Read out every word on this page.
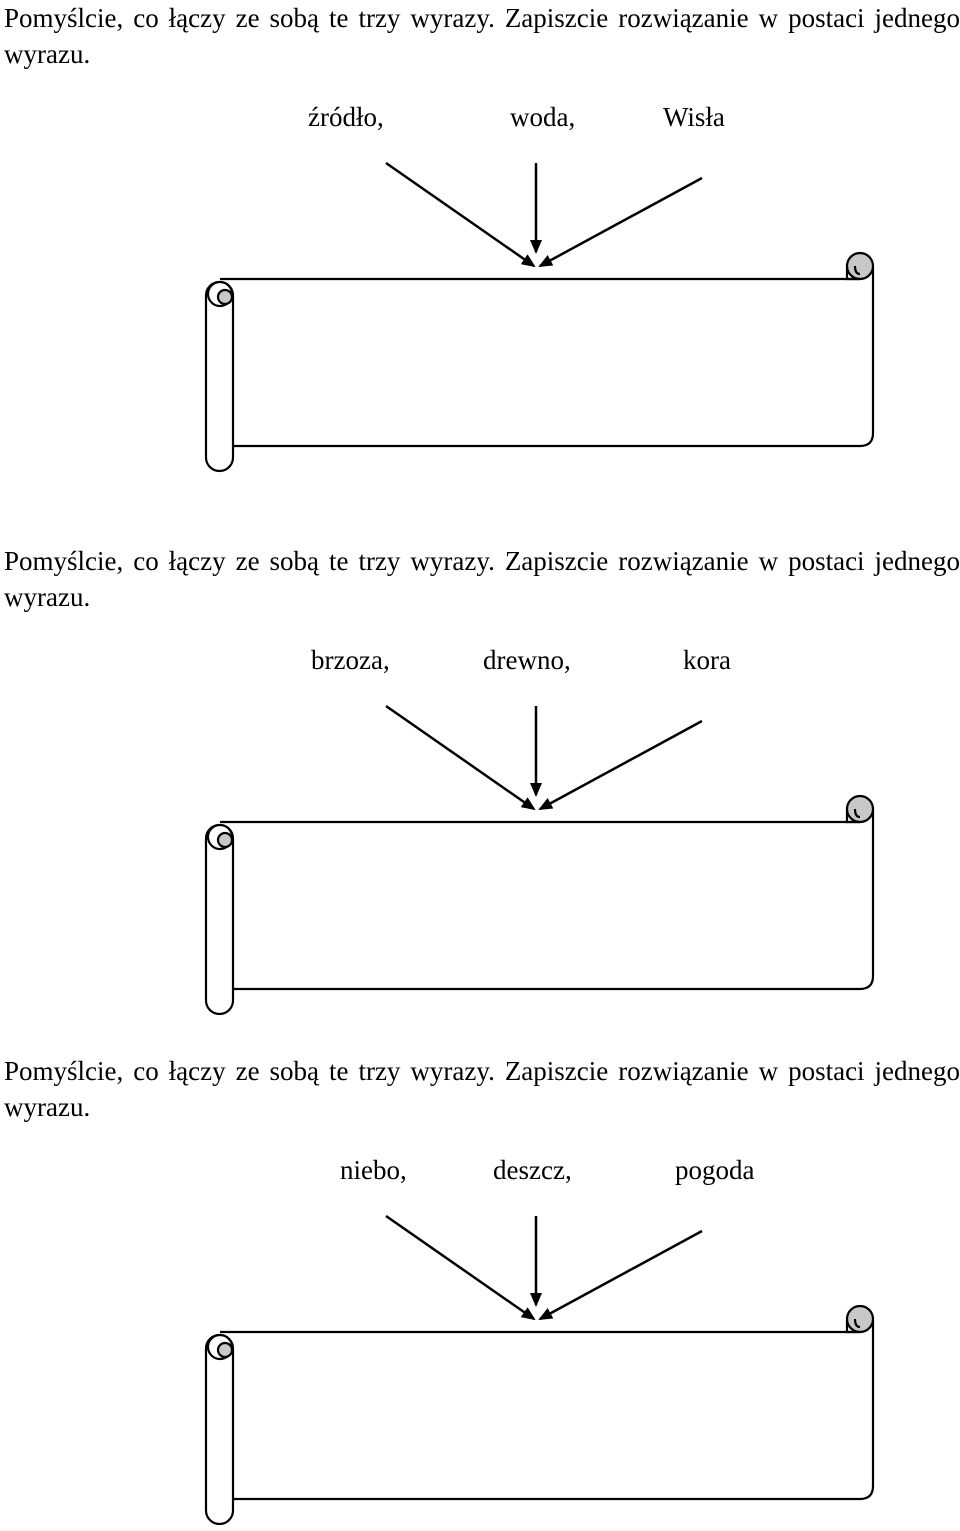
Pomyślcie, co łączy ze sobą te trzy wyrazy. Zapiszcie rozwiązanie w postaci jednego wyrazu.

źródło,	woda,	Wisła

Pomyślcie, co łączy ze sobą te trzy wyrazy. Zapiszcie rozwiązanie w postaci jednego wyrazu.

brzoza,	drewno,	kora

Pomyślcie, co łączy ze sobą te trzy wyrazy. Zapiszcie rozwiązanie w postaci jednego wyrazu.

niebo,	deszcz,	pogoda
